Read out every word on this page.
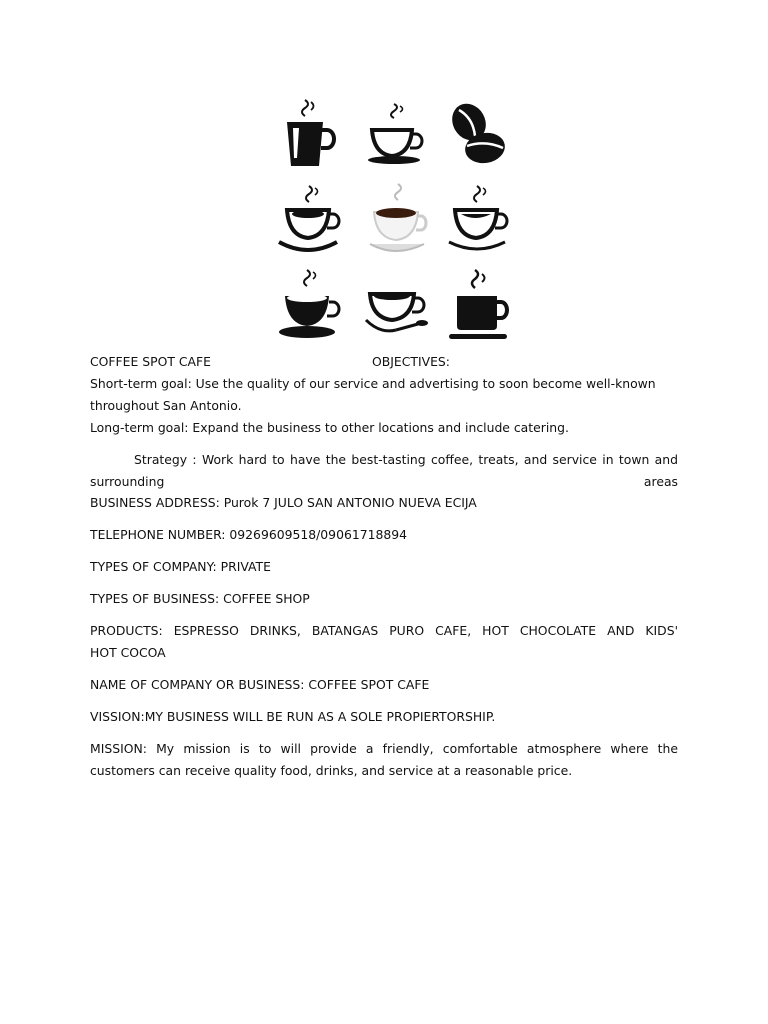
COFFEE SPOT CAFE	OBJECTIVES:
Short-term goal: Use the quality of our service and advertising to soon become well-known
throughout San Antonio.
Long-term goal: Expand the business to other locations and include catering.
Strategy : Work hard to have the best-tasting coffee, treats, and service in town and
surrounding	areas
BUSINESS ADDRESS: Purok 7 JULO SAN ANTONIO NUEVA ECIJA
TELEPHONE NUMBER: 09269609518/09061718894
TYPES OF COMPANY: PRIVATE
TYPES OF BUSINESS: COFFEE SHOP
PRODUCTS: ESPRESSO DRINKS, BATANGAS PURO CAFE, HOT CHOCOLATE AND KIDS'
HOT COCOA
NAME OF COMPANY OR BUSINESS: COFFEE SPOT CAFE
VISSION:MY BUSINESS WILL BE RUN AS A SOLE PROPIERTORSHIP.
MISSION: My mission is to will provide a friendly, comfortable atmosphere where the
customers can receive quality food, drinks, and service at a reasonable price.
